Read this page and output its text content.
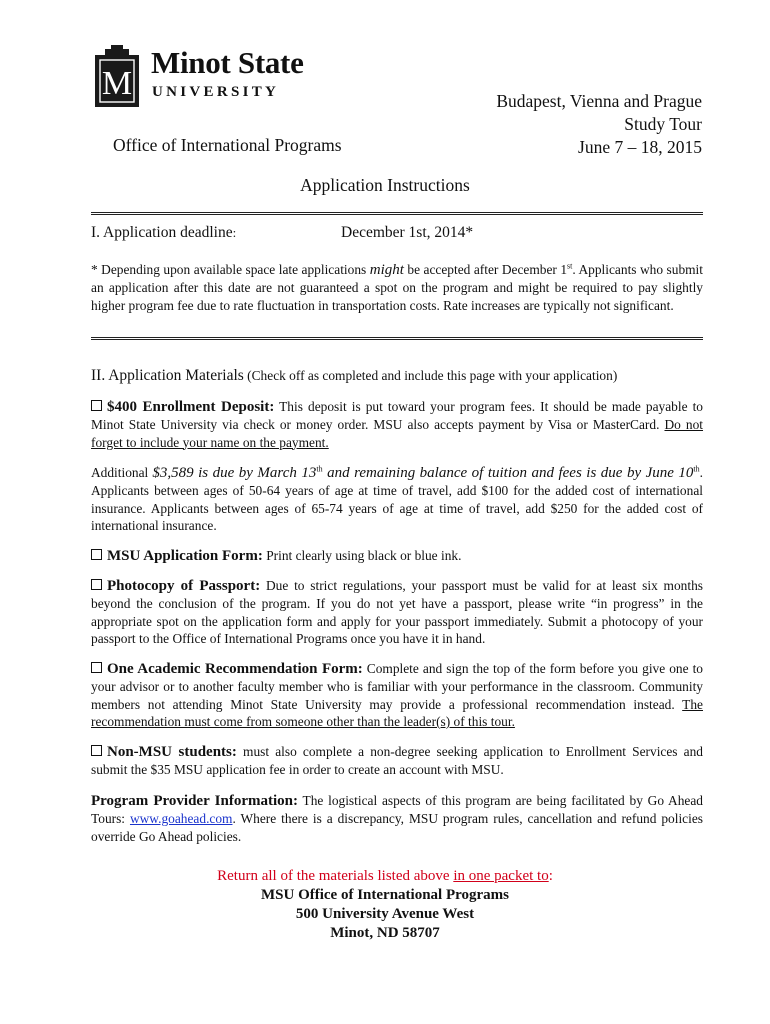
M
Minot State
UNIVERSITY	Budapest, Vienna and Prague
Study Tour
June 7 – 18, 2015
Office of International Programs
Application Instructions
I. Application deadline:	December 1st, 2014*
* Depending upon available space late applications might be accepted after December 1st. Applicants who submit an application after this date are not guaranteed a spot on the program and might be required to pay slightly higher program fee due to rate fluctuation in transportation costs. Rate increases are typically not significant.
II. Application Materials (Check off as completed and include this page with your application)
$400 Enrollment Deposit: This deposit is put toward your program fees. It should be made payable to Minot State University via check or money order. MSU also accepts payment by Visa or MasterCard. Do not forget to include your name on the payment.
Additional $3,589 is due by March 13th and remaining balance of tuition and fees is due by June 10th. Applicants between ages of 50-64 years of age at time of travel, add $100 for the added cost of international insurance. Applicants between ages of 65-74 years of age at time of travel, add $250 for the added cost of international insurance.
MSU Application Form: Print clearly using black or blue ink.
Photocopy of Passport: Due to strict regulations, your passport must be valid for at least six months beyond the conclusion of the program. If you do not yet have a passport, please write “in progress” in the appropriate spot on the application form and apply for your passport immediately. Submit a photocopy of your passport to the Office of International Programs once you have it in hand.
One Academic Recommendation Form: Complete and sign the top of the form before you give one to your advisor or to another faculty member who is familiar with your performance in the classroom. Community members not attending Minot State University may provide a professional recommendation instead. The recommendation must come from someone other than the leader(s) of this tour.
Non-MSU students: must also complete a non-degree seeking application to Enrollment Services and submit the $35 MSU application fee in order to create an account with MSU.
Program Provider Information: The logistical aspects of this program are being facilitated by Go Ahead Tours: www.goahead.com. Where there is a discrepancy, MSU program rules, cancellation and refund policies override Go Ahead policies.
Return all of the materials listed above in one packet to:
MSU Office of International Programs
500 University Avenue West
Minot, ND 58707
